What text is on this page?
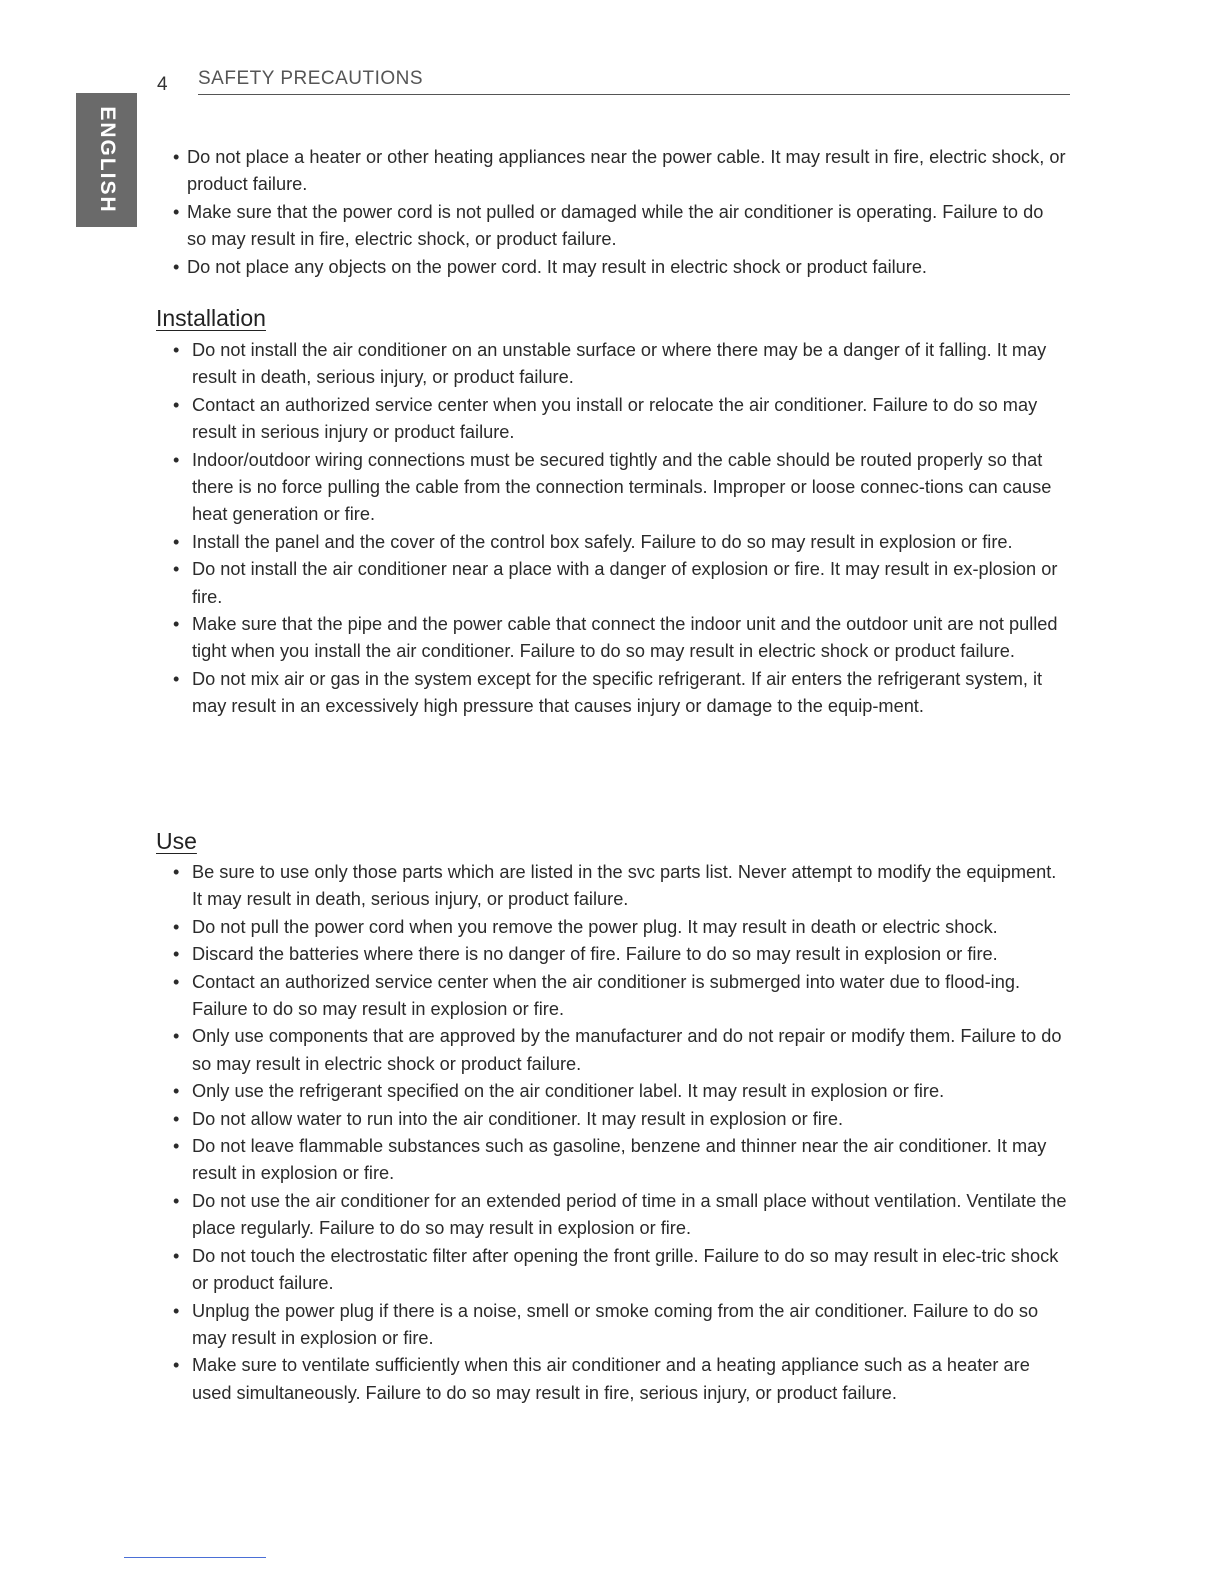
4 SAFETY PRECAUTIONS
ENGLISH
•	Do not place a heater or other heating appliances near the power cable. It may result in fire, electric shock, or product failure.
• Make sure that the power cord is not pulled or damaged while the air conditioner is operating. Failure to do so may result in fire, electric shock, or product failure.
• Do not place any objects on the power cord. It may result in electric shock or product failure.
Installation
• Do not install the air conditioner on an unstable surface or where there may be a danger of it falling. It may result in death, serious injury, or product failure.
• Contact an authorized service center when you install or relocate the air conditioner. Failure to do so may result in serious injury or product failure.
• Indoor/outdoor wiring connections must be secured tightly and the cable should be routed properly so that there is no force pulling the cable from the connection terminals. Improper or loose connec-tions can cause heat generation or fire.
• Install the panel and the cover of the control box safely. Failure to do so may result in explosion or fire.
• Do not install the air conditioner near a place with a danger of explosion or fire. It may result in ex-plosion or fire.
• Make sure that the pipe and the power cable that connect the indoor unit and the outdoor unit are not pulled tight when you install the air conditioner. Failure to do so may result in electric shock or product failure.
• Do not mix air or gas in the system except for the specific refrigerant. If air enters the refrigerant system, it may result in an excessively high pressure that causes injury or damage to the equip-ment.
Use
• Be sure to use only those parts which are listed in the svc parts list. Never attempt to modify the equipment. It may result in death, serious injury, or product failure.
• Do not pull the power cord when you remove the power plug. It may result in death or electric shock.
• Discard the batteries where there is no danger of fire. Failure to do so may result in explosion or fire.
• Contact an authorized service center when the air conditioner is submerged into water due to flood-ing. Failure to do so may result in explosion or fire.
• Only use components that are approved by the manufacturer and do not repair or modify them. Failure to do so may result in electric shock or product failure.
• Only use the refrigerant specified on the air conditioner label. It may result in explosion or fire.
• Do not allow water to run into the air conditioner. It may result in explosion or fire.
• Do not leave flammable substances such as gasoline, benzene and thinner near the air conditioner. It may result in explosion or fire.
• Do not use the air conditioner for an extended period of time in a small place without ventilation. Ventilate the place regularly. Failure to do so may result in explosion or fire.
• Do not touch the electrostatic filter after opening the front grille. Failure to do so may result in elec-tric shock or product failure.
• Unplug the power plug if there is a noise, smell or smoke coming from the air conditioner. Failure to do so may result in explosion or fire.
• Make sure to ventilate sufficiently when this air conditioner and a heating appliance such as a heater are used simultaneously. Failure to do so may result in fire, serious injury, or product failure.
